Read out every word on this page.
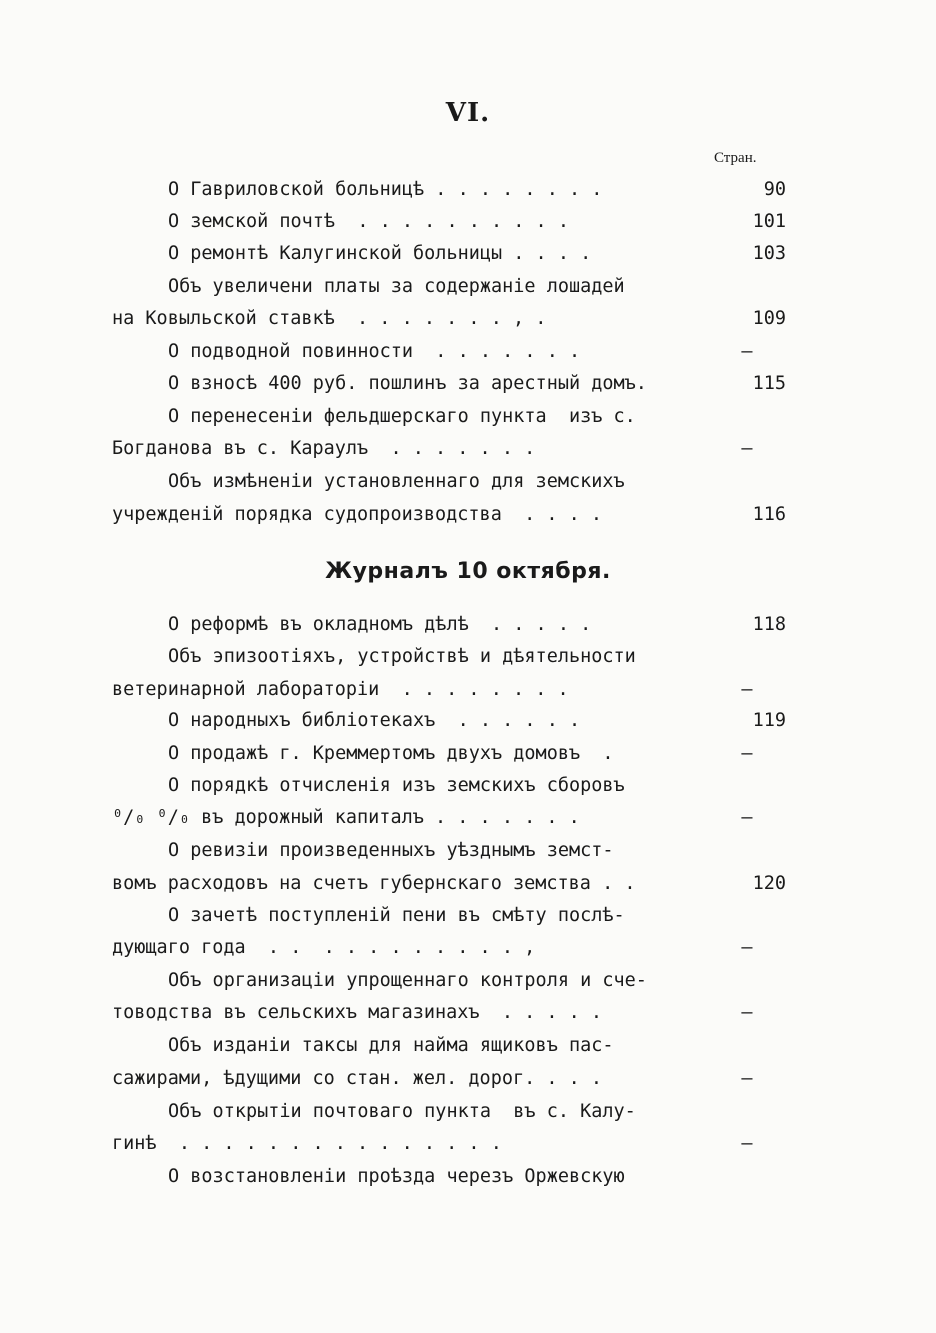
VI.
Стран.

О Гавриловской больницѣ . . . . . . . .

	90

О земской почтѣ  . . . . . . . . . .

	101

О ремонтѣ Калугинской больницы . . . .

	103

Объ увеличени платы за содержаніе лошадей

на Ковыльской ставкѣ  . . . . . . . , .

	109

О подводной повинности  . . . . . . .

	—

О взносѣ 400 руб. пошлинъ за арестный домъ.

	115

О перенесеніи фельдшерскаго пункта  изъ с.

Богданова въ с. Караулъ  . . . . . . .

	—

Объ измѣненіи установленнаго для земскихъ

учрежденій порядка судопроизводства  . . . .

	116

Журналъ 10 октября.

О реформѣ въ окладномъ дѣлѣ  . . . . .

	118

Объ эпизоотіяхъ, устройствѣ и дѣятельности

ветеринарной лабораторіи  . . . . . . . .

	—

О народныхъ библіотекахъ  . . . . . .

	119

О продажѣ г. Креммертомъ двухъ домовъ  .

	—

О порядкѣ отчисленія изъ земскихъ сборовъ

⁰/₀ ⁰/₀ въ дорожный капиталъ . . . . . . .

	—

О ревизіи произведенныхъ уѣзднымъ земст-

вомъ расходовъ на счетъ губернскаго земства . .

	120

О зачетѣ поступленій пени въ смѣту послѣ-

дующаго года  . .  . . . . . . . . . ,

	—

Объ организаціи упрощеннаго контроля и сче-

товодства въ сельскихъ магазинахъ  . . . . .

	—

Объ изданіи таксы для найма ящиковъ пас-

сажирами, ѣдущими со стан. жел. дорог. . . .

	—

Объ открытіи почтоваго пункта  въ с. Калу-

гинѣ  . . . . . . . . . . . . . . .

	—

О возстановленіи проѣзда черезъ Оржевскую
